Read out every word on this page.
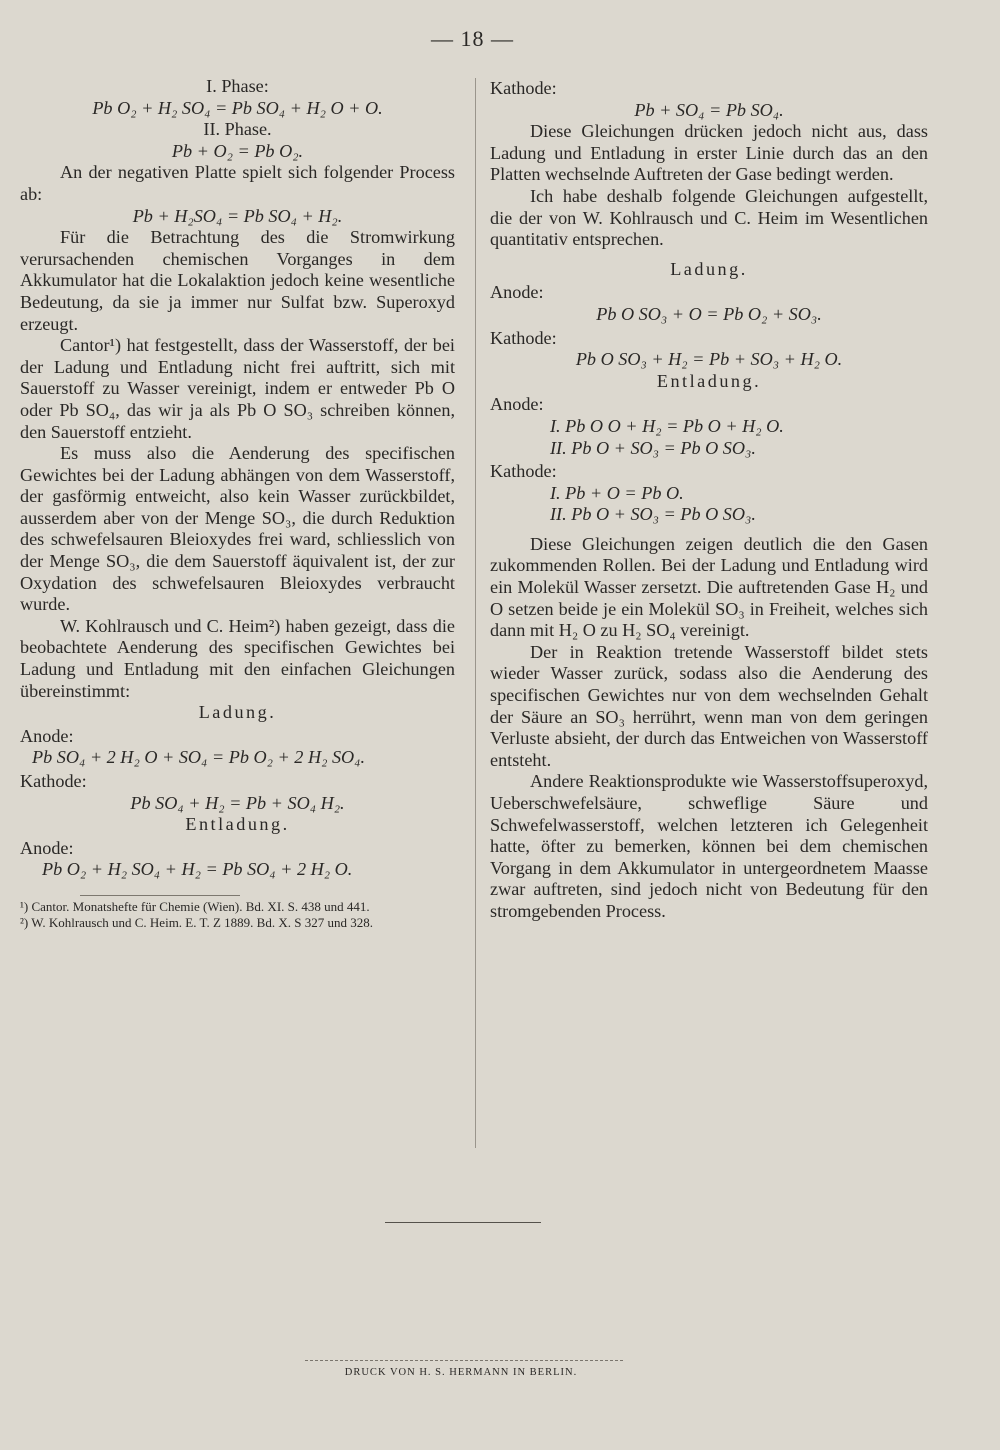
— 18 —

I. Phase:

Pb O₂ + H₂ SO₄ = Pb SO₄ + H₂ O + O.

II. Phase.

Pb + O₂ = Pb O₂.

An der negativen Platte spielt sich folgender Process ab:

Pb + H₂SO₄ = Pb SO₄ + H₂.

Für die Betrachtung des die Stromwirkung verursachenden chemischen Vorganges in dem Akkumulator hat die Lokalaktion jedoch keine wesentliche Bedeutung, da sie ja immer nur Sulfat bzw. Superoxyd erzeugt.

Cantor¹) hat festgestellt, dass der Wasserstoff, der bei der Ladung und Entladung nicht frei auftritt, sich mit Sauerstoff zu Wasser vereinigt, indem er entweder Pb O oder Pb SO₄, das wir ja als Pb O SO₃ schreiben können, den Sauerstoff entzieht.

Es muss also die Aenderung des specifischen Gewichtes bei der Ladung abhängen von dem Wasserstoff, der gasförmig entweicht, also kein Wasser zurückbildet, ausserdem aber von der Menge SO₃, die durch Reduktion des schwefelsauren Bleioxydes frei ward, schliesslich von der Menge SO₃, die dem Sauerstoff äquivalent ist, der zur Oxydation des schwefelsauren Bleioxydes verbraucht wurde.

W. Kohlrausch und C. Heim²) haben gezeigt, dass die beobachtete Aenderung des specifischen Gewichtes bei Ladung und Entladung mit den einfachen Gleichungen übereinstimmt:

Ladung.

Anode:

Pb SO₄ + 2 H₂ O + SO₄ = Pb O₂ + 2 H₂ SO₄.

Kathode:

Pb SO₄ + H₂ = Pb + SO₄ H₂.

Entladung.

Anode:

Pb O₂ + H₂ SO₄ + H₂ = Pb SO₄ + 2 H₂ O.

¹) Cantor. Monatshefte für Chemie (Wien). Bd. XI. S. 438 und 441.

²) W. Kohlrausch und C. Heim. E. T. Z 1889. Bd. X. S 327 und 328.

Kathode:

Pb + SO₄ = Pb SO₄.

Diese Gleichungen drücken jedoch nicht aus, dass Ladung und Entladung in erster Linie durch das an den Platten wechselnde Auftreten der Gase bedingt werden.

Ich habe deshalb folgende Gleichungen aufgestellt, die der von W. Kohlrausch und C. Heim im Wesentlichen quantitativ entsprechen.

Ladung.

Anode:

Pb O SO₃ + O = Pb O₂ + SO₃.

Kathode:

Pb O SO₃ + H₂ = Pb + SO₃ + H₂ O.

Entladung.

Anode:

I. Pb O O + H₂ = Pb O + H₂ O.

II. Pb O + SO₃ = Pb O SO₃.

Kathode:

I. Pb + O = Pb O.

II. Pb O + SO₃ = Pb O SO₃.

Diese Gleichungen zeigen deutlich die den Gasen zukommenden Rollen. Bei der Ladung und Entladung wird ein Molekül Wasser zersetzt. Die auftretenden Gase H₂ und O setzen beide je ein Molekül SO₃ in Freiheit, welches sich dann mit H₂ O zu H₂ SO₄ vereinigt.

Der in Reaktion tretende Wasserstoff bildet stets wieder Wasser zurück, sodass also die Aenderung des specifischen Gewichtes nur von dem wechselnden Gehalt der Säure an SO₃ herrührt, wenn man von dem geringen Verluste absieht, der durch das Entweichen von Wasserstoff entsteht.

Andere Reaktionsprodukte wie Wasserstoffsuperoxyd, Ueberschwefelsäure, schweflige Säure und Schwefelwasserstoff, welchen letzteren ich Gelegenheit hatte, öfter zu bemerken, können bei dem chemischen Vorgang in dem Akkumulator in untergeordnetem Maasse zwar auftreten, sind jedoch nicht von Bedeutung für den stromgebenden Process.

DRUCK VON H. S. HERMANN IN BERLIN.
